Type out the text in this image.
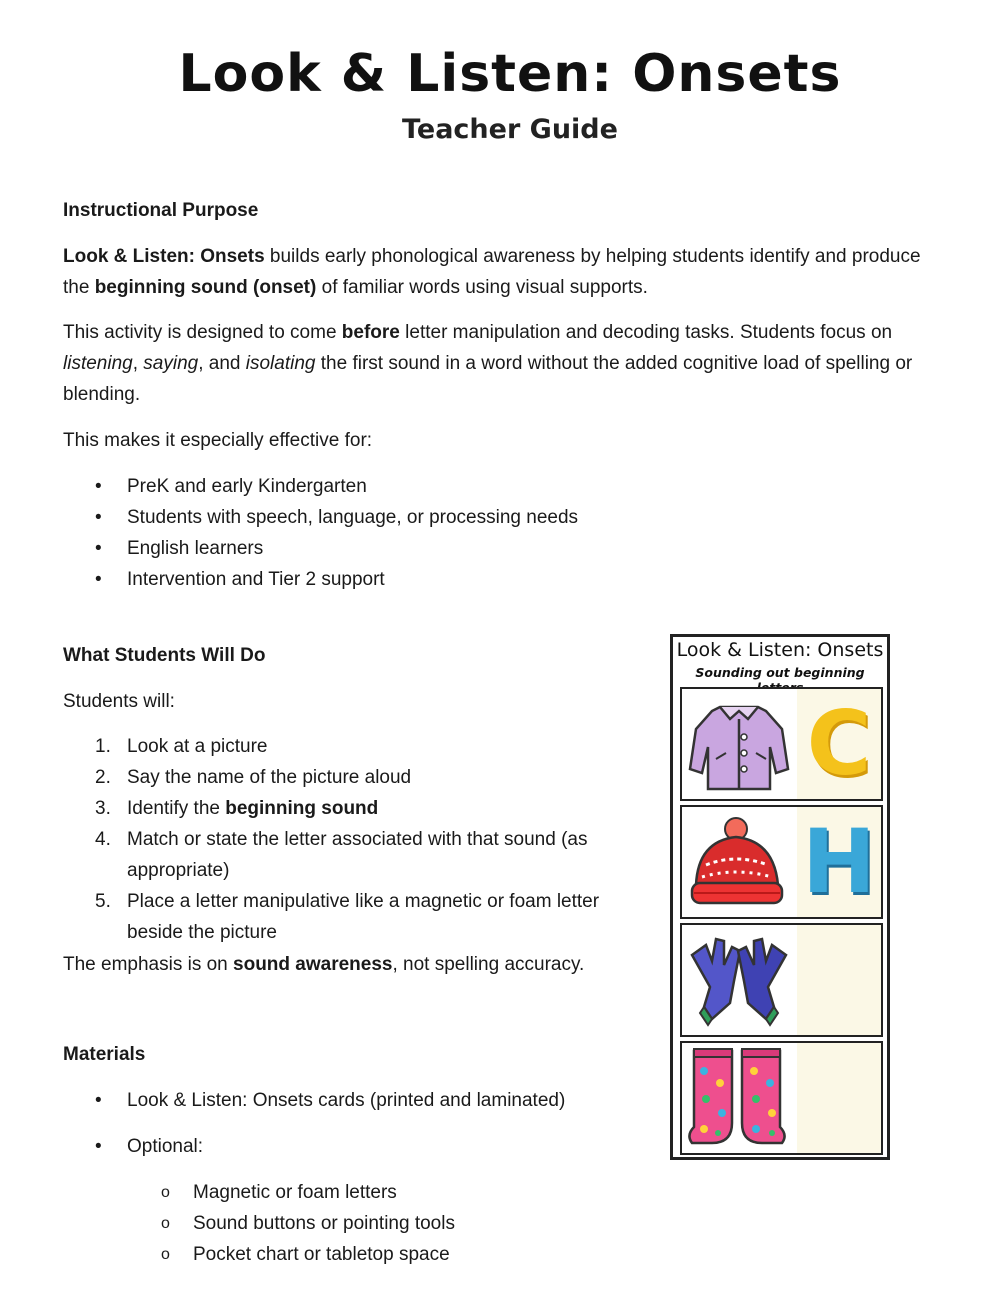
Look & Listen: Onsets
Teacher Guide
Instructional Purpose
Look & Listen: Onsets builds early phonological awareness by helping students identify and produce the beginning sound (onset) of familiar words using visual supports.
This activity is designed to come before letter manipulation and decoding tasks. Students focus on listening, saying, and isolating the first sound in a word without the added cognitive load of spelling or blending.
This makes it especially effective for:
• PreK and early Kindergarten
• Students with speech, language, or processing needs
• English learners
• Intervention and Tier 2 support
What Students Will Do
Students will:
1. Look at a picture
2. Say the name of the picture aloud
3. Identify the beginning sound
4. Match or state the letter associated with that sound (as appropriate)
5. Place a letter manipulative like a magnetic or foam letter beside the picture
The emphasis is on sound awareness, not spelling accuracy.
Materials
• Look & Listen: Onsets cards (printed and laminated)
• Optional:
o Magnetic or foam letters
o Sound buttons or pointing tools
o Pocket chart or tabletop space
Look & Listen: Onsets
Sounding out beginning
C
H
